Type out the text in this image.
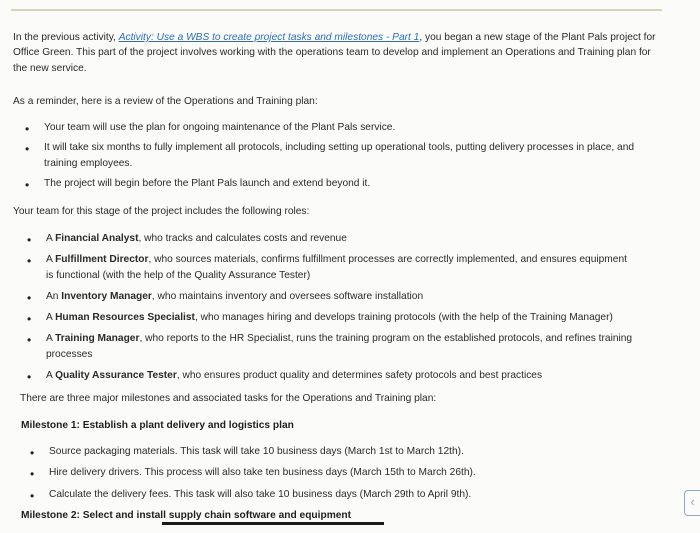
In the previous activity, Activity: Use a WBS to create project tasks and milestones - Part 1, you began a new stage of the Plant Pals project for Office Green. This part of the project involves working with the operations team to develop and implement an Operations and Training plan for the new service.

As a reminder, here is a review of the Operations and Training plan:

• Your team will use the plan for ongoing maintenance of the Plant Pals service.
• It will take six months to fully implement all protocols, including setting up operational tools, putting delivery processes in place, and training employees.
• The project will begin before the Plant Pals launch and extend beyond it.

Your team for this stage of the project includes the following roles:

• A Financial Analyst, who tracks and calculates costs and revenue
• A Fulfillment Director, who sources materials, confirms fulfillment processes are correctly implemented, and ensures equipment is functional (with the help of the Quality Assurance Tester)
• An Inventory Manager, who maintains inventory and oversees software installation
• A Human Resources Specialist, who manages hiring and develops training protocols (with the help of the Training Manager)
• A Training Manager, who reports to the HR Specialist, runs the training program on the established protocols, and refines training processes
• A Quality Assurance Tester, who ensures product quality and determines safety protocols and best practices

There are three major milestones and associated tasks for the Operations and Training plan:

Milestone 1: Establish a plant delivery and logistics plan

• Source packaging materials. This task will take 10 business days (March 1st to March 12th).
• Hire delivery drivers. This process will also take ten business days (March 15th to March 26th).
• Calculate the delivery fees. This task will also take 10 business days (March 29th to April 9th).

Milestone 2: Select and install supply chain software and equipment

‹
